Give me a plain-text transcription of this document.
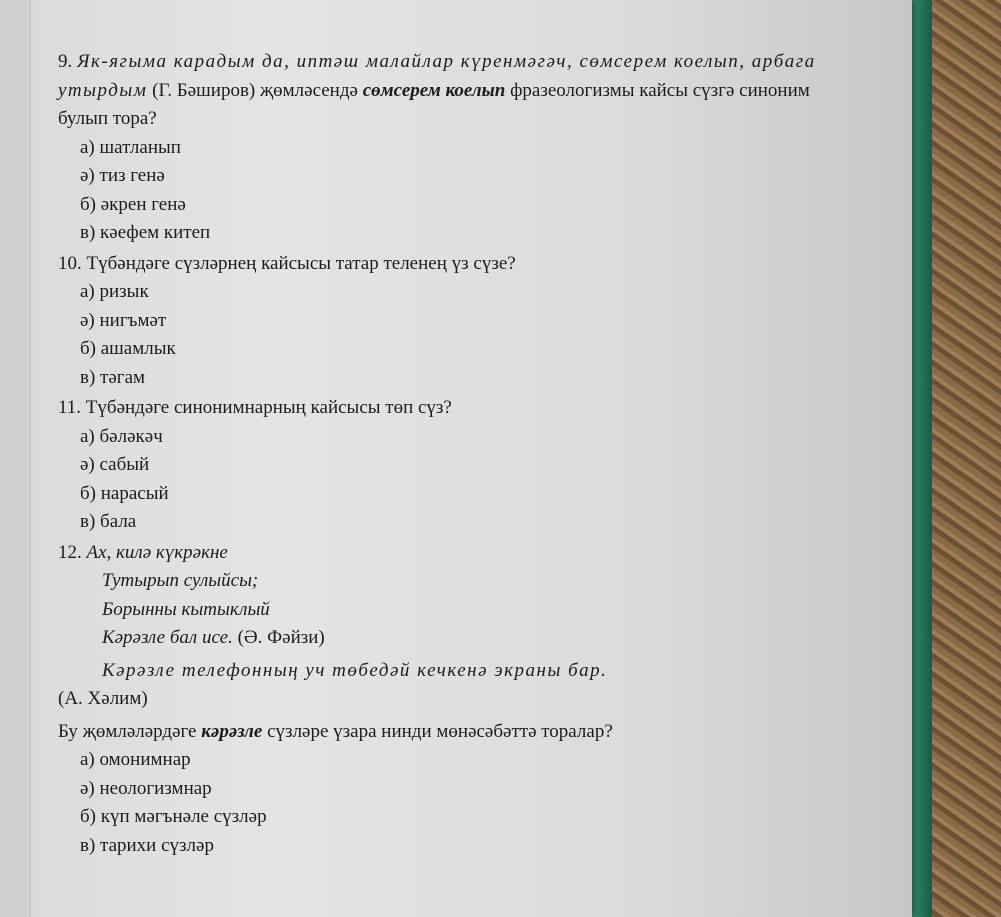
9. Як-ягыма карадым да, иптәш малайлар күренмәгәч, сөмсерем коелып, арбага утырдым (Г. Бәширов) җөмләсендә сөмсерем коелып фразеологизмы кайсы сүзгә синоним булып тора?

а) шатланып
ә) тиз генә
б) әкрен генә
в) кәефем китеп

10. Түбәндәге сүзләрнең кайсысы татар теленең үз сүзе?

а) ризык
ә) нигъмәт
б) ашамлык
в) тәгам

11. Түбәндәге синонимнарның кайсысы төп сүз?

а) бәләкәч
ә) сабый
б) нарасый
в) бала
12. Ах, килә күкрәкне
Тутырып сулыйсы;
Борынны кытыклый
Кәрәзле бал исе. (Ә. Фәйзи)

Кәрәзле телефонның уч төбедәй кечкенә экраны бар.

(А. Хәлим)

Бу җөмләләрдәге кәрәзле сүзләре үзара нинди мөнәсәбәттә торалар?

а) омонимнар
ә) неологизмнар
б) күп мәгънәле сүзләр
в) тарихи сүзләр
